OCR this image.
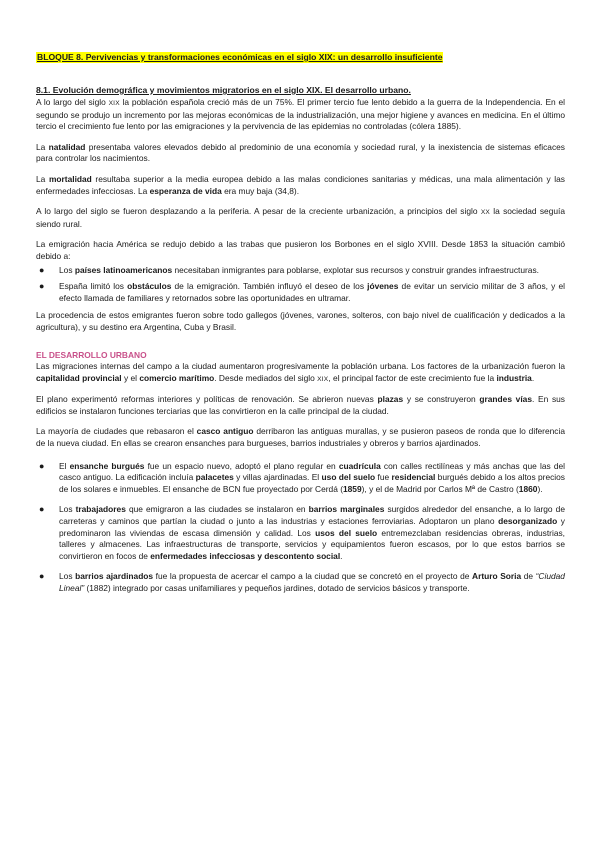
BLOQUE 8. Pervivencias y transformaciones económicas en el siglo XIX: un desarrollo insuficiente
8.1. Evolución demográfica y movimientos migratorios en el siglo XIX. El desarrollo urbano.

A lo largo del siglo XIX la población española creció más de un 75%. El primer tercio fue lento debido a la guerra de la Independencia. En el segundo se produjo un incremento por las mejoras económicas de la industrialización, una mejor higiene y avances en medicina. En el último tercio el crecimiento fue lento por las emigraciones y la pervivencia de las epidemias no controladas (cólera 1885).

La natalidad presentaba valores elevados debido al predominio de una economía y sociedad rural, y la inexistencia de sistemas eficaces para controlar los nacimientos.

La mortalidad resultaba superior a la media europea debido a las malas condiciones sanitarias y médicas, una mala alimentación y las enfermedades infecciosas. La esperanza de vida era muy baja (34,8).

A lo largo del siglo se fueron desplazando a la periferia. A pesar de la creciente urbanización, a principios del siglo XX la sociedad seguía siendo rural.

La emigración hacia América se redujo debido a las trabas que pusieron los Borbones en el siglo XVIII. Desde 1853 la situación cambió debido a:

● Los países latinoamericanos necesitaban inmigrantes para poblarse, explotar sus recursos y construir grandes infraestructuras.
● España limitó los obstáculos de la emigración. También influyó el deseo de los jóvenes de evitar un servicio militar de 3 años, y el efecto llamada de familiares y retornados sobre las oportunidades en ultramar.

La procedencia de estos emigrantes fueron sobre todo gallegos (jóvenes, varones, solteros, con bajo nivel de cualificación y dedicados a la agricultura), y su destino era Argentina, Cuba y Brasil.

EL DESARROLLO URBANO

Las migraciones internas del campo a la ciudad aumentaron progresivamente la población urbana. Los factores de la urbanización fueron la capitalidad provincial y el comercio marítimo. Desde mediados del siglo XIX, el principal factor de este crecimiento fue la industria.

El plano experimentó reformas interiores y políticas de renovación. Se abrieron nuevas plazas y se construyeron grandes vías. En sus edificios se instalaron funciones terciarias que las convirtieron en la calle principal de la ciudad.

La mayoría de ciudades que rebasaron el casco antiguo derribaron las antiguas murallas, y se pusieron paseos de ronda que lo diferencia de la nueva ciudad. En ellas se crearon ensanches para burgueses, barrios industriales y obreros y barrios ajardinados.

● El ensanche burgués fue un espacio nuevo, adoptó el plano regular en cuadrícula con calles rectilíneas y más anchas que las del casco antiguo. La edificación incluía palacetes y villas ajardinadas. El uso del suelo fue residencial burgués debido a los altos precios de los solares e inmuebles. El ensanche de BCN fue proyectado por Cerdá (1859), y el de Madrid por Carlos Mª de Castro (1860).
● Los trabajadores que emigraron a las ciudades se instalaron en barrios marginales surgidos alrededor del ensanche, a lo largo de carreteras y caminos que partían la ciudad o junto a las industrias y estaciones ferroviarias. Adoptaron un plano desorganizado y predominaron las viviendas de escasa dimensión y calidad. Los usos del suelo entremezclaban residencias obreras, industrias, talleres y almacenes. Las infraestructuras de transporte, servicios y equipamientos fueron escasos, por lo que estos barrios se convirtieron en focos de enfermedades infecciosas y descontento social.
● Los barrios ajardinados fue la propuesta de acercar el campo a la ciudad que se concretó en el proyecto de Arturo Soria de “Ciudad Lineal” (1882) integrado por casas unifamiliares y pequeños jardines, dotado de servicios básicos y transporte.
